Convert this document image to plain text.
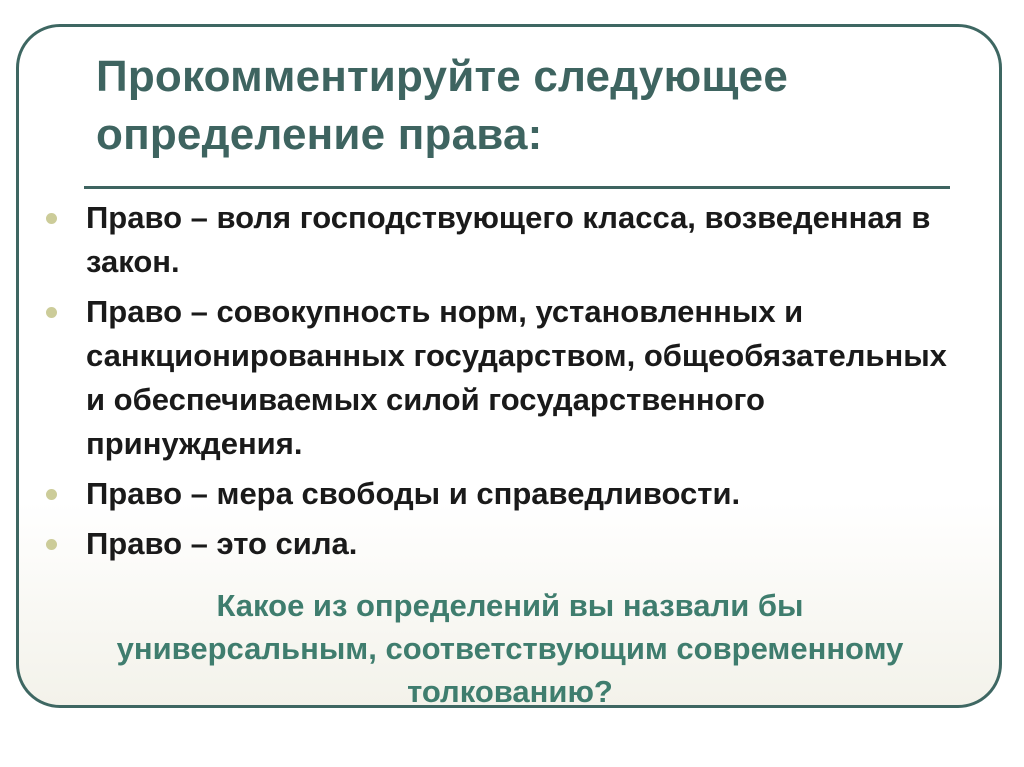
Прокомментируйте следующее определение права:
Право – воля господствующего класса, возведенная в закон.
Право – совокупность норм, установленных и санкционированных государством, общеобязательных и обеспечиваемых силой государственного принуждения.
Право – мера свободы и справедливости.
Право – это сила.

Какое из определений вы назвали бы универсальным, соответствующим современному толкованию?
